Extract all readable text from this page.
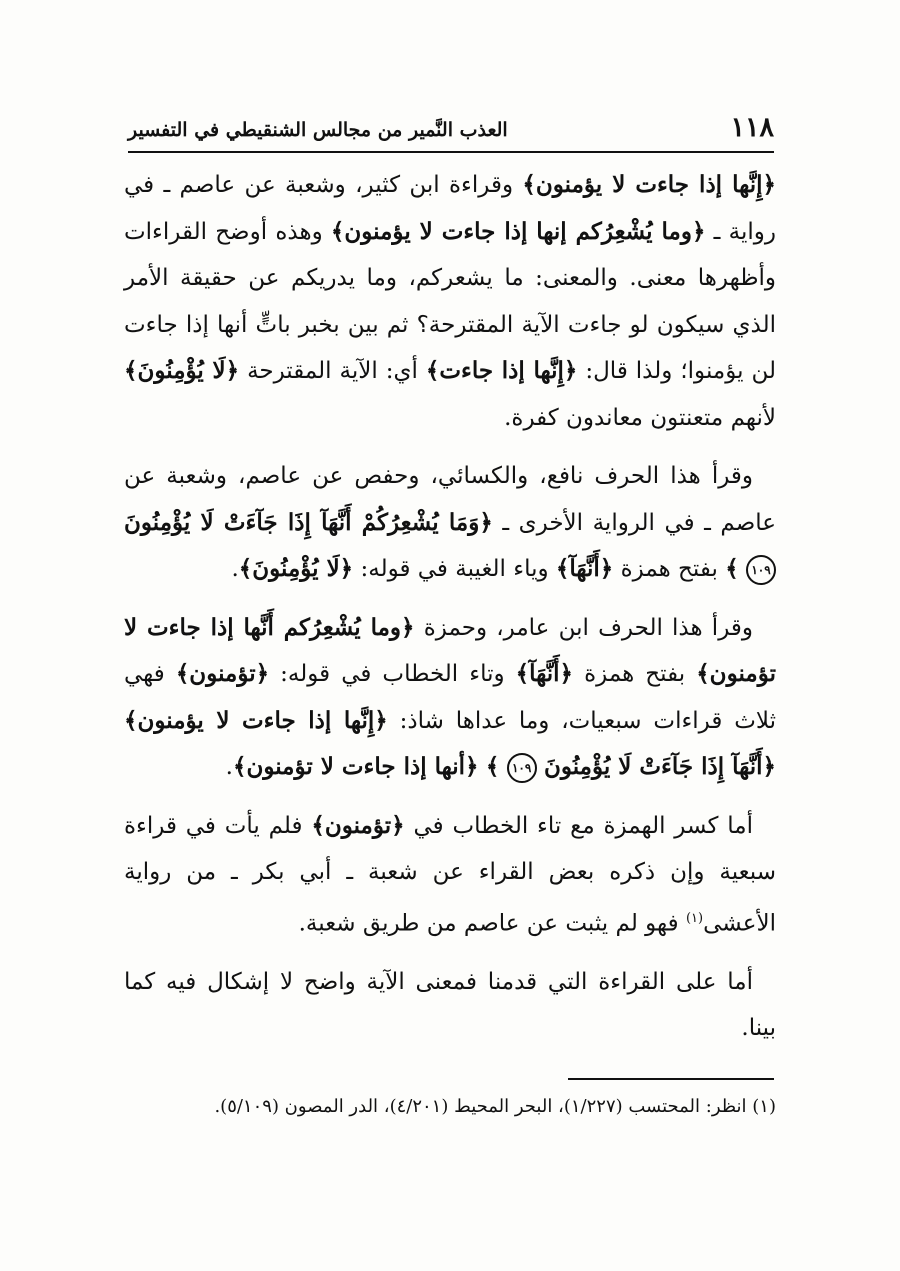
١١٨
العذب النَّمير من مجالس الشنقيطي في التفسير

﴿إِنَّها إذا جاءت لا يؤمنون﴾ وقراءة ابن كثير، وشعبة عن عاصم ـ في رواية ـ ﴿وما يُشْعِرُكم إنها إذا جاءت لا يؤمنون﴾ وهذه أوضح القراءات وأظهرها معنى. والمعنى: ما يشعركم، وما يدريكم عن حقيقة الأمر الذي سيكون لو جاءت الآية المقترحة؟ ثم بين بخبر باتٍّ أنها إذا جاءت لن يؤمنوا؛ ولذا قال: ﴿إِنَّها إذا جاءت﴾ أي: الآية المقترحة ﴿لَا يُؤْمِنُونَ﴾ لأنهم متعنتون معاندون كفرة.

 وقرأ هذا الحرف نافع، والكسائي، وحفص عن عاصم، وشعبة عن عاصم ـ في الرواية الأخرى ـ ﴿وَمَا يُشْعِرُكُمْ أَنَّهَآ إِذَا جَآءَتْ لَا يُؤْمِنُونَ ١٠٩ ﴾ بفتح همزة ﴿أَنَّهَآ﴾ وياء الغيبة في قوله: ﴿لَا يُؤْمِنُونَ﴾.

 وقرأ هذا الحرف ابن عامر، وحمزة ﴿وما يُشْعِرُكم أَنَّها إذا جاءت لا تؤمنون﴾ بفتح همزة ﴿أَنَّهَآ﴾ وتاء الخطاب في قوله: ﴿تؤمنون﴾ فهي ثلاث قراءات سبعيات، وما عداها شاذ: ﴿إِنَّها إذا جاءت لا يؤمنون﴾ ﴿أَنَّهَآ إِذَا جَآءَتْ لَا يُؤْمِنُونَ ١٠٩ ﴾ ﴿أنها إذا جاءت لا تؤمنون﴾.

 أما كسر الهمزة مع تاء الخطاب في ﴿تؤمنون﴾ فلم يأت في قراءة سبعية وإن ذكره بعض القراء عن شعبة ـ أبي بكر ـ من رواية الأعشى$^{(١)}$ فهو لم يثبت عن عاصم من طريق شعبة.

 أما على القراءة التي قدمنا فمعنى الآية واضح لا إشكال فيه كما بينا.

(١) انظر: المحتسب (١/٢٢٧)، البحر المحيط (٤/٢٠١)، الدر المصون (٥/١٠٩).
